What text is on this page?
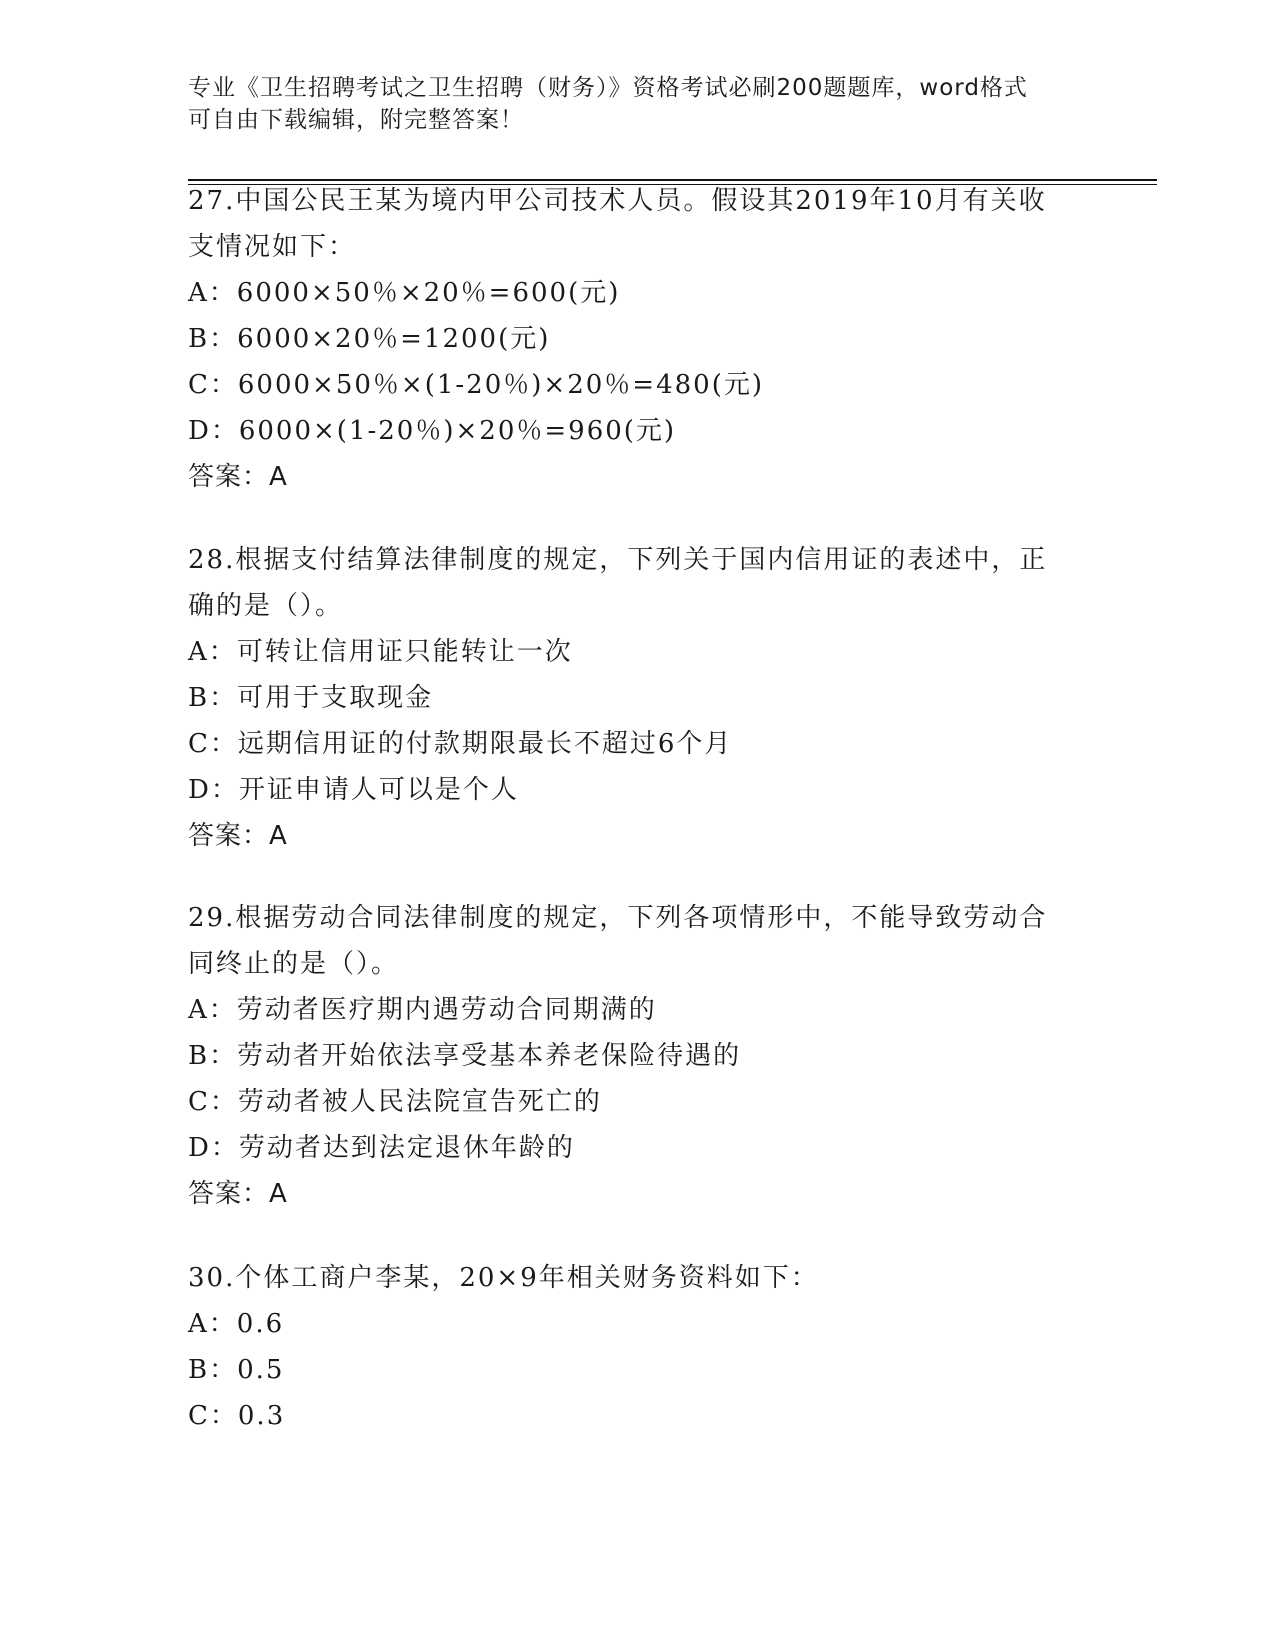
专业《卫生招聘考试之卫生招聘（财务）》资格考试必刷200题题库，word格式
可自由下载编辑，附完整答案！
27.中国公民王某为境内甲公司技术人员。假设其2019年10月有关收
支情况如下：
A：6000×50％×20％=600(元)
B：6000×20％=1200(元)
C：6000×50％×(1-20％)×20％=480(元)
D：6000×(1-20％)×20％=960(元)
答案：A
28.根据支付结算法律制度的规定，下列关于国内信用证的表述中，正
确的是（）。
A：可转让信用证只能转让一次
B：可用于支取现金
C：远期信用证的付款期限最长不超过6个月
D：开证申请人可以是个人
答案：A
29.根据劳动合同法律制度的规定，下列各项情形中，不能导致劳动合
同终止的是（）。
A：劳动者医疗期内遇劳动合同期满的
B：劳动者开始依法享受基本养老保险待遇的
C：劳动者被人民法院宣告死亡的
D：劳动者达到法定退休年龄的
答案：A
30.个体工商户李某，20×9年相关财务资料如下：
A：0.6
B：0.5
C：0.3
